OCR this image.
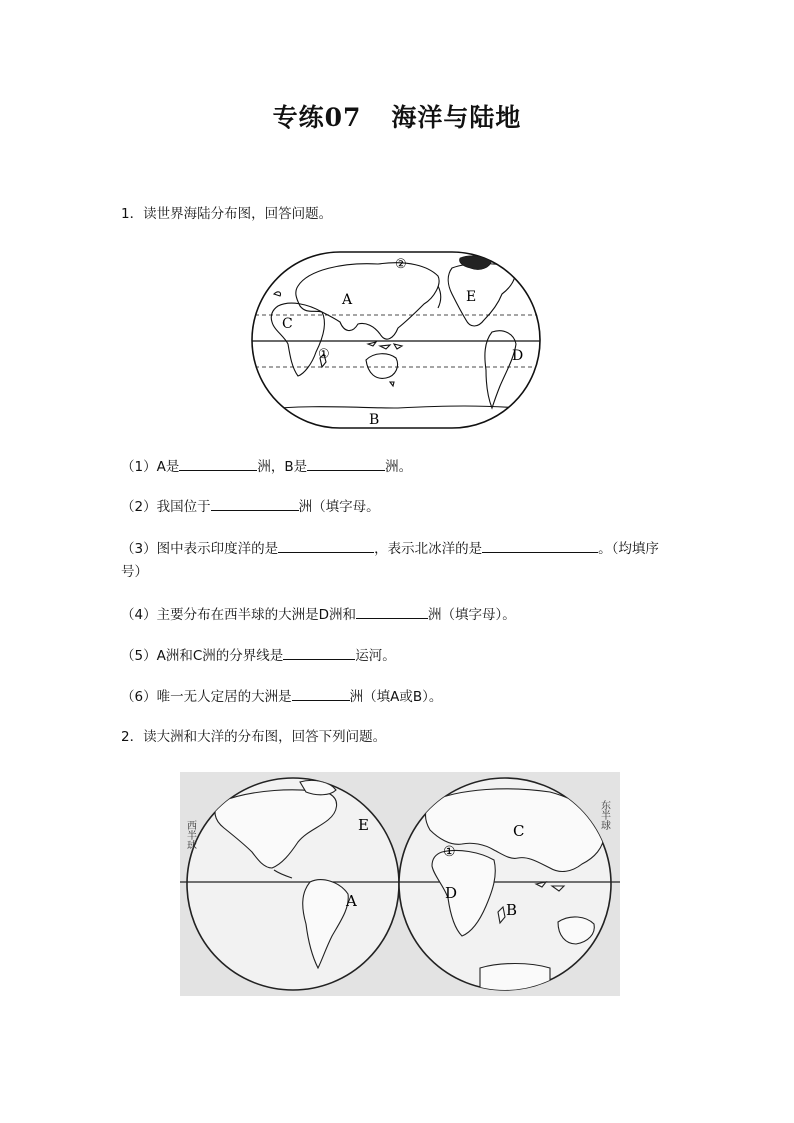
专练07 海洋与陆地
1．读世界海陆分布图，回答问题。
A
C
E
D
B
①
②
（1）A是	洲，B是	洲。
（2）我国位于	洲（填字母。
（3）图中表示印度洋的是	，表示北冰洋的是	。（均填序
号）
（4）主要分布在西半球的大洲是D洲和	洲（填字母）。
（5）A洲和C洲的分界线是	运河。
（6）唯一无人定居的大洲是	洲（填A或B）。
2．读大洲和大洋的分布图，回答下列问题。
西半球
东半球
E
A
C
①
D
B
